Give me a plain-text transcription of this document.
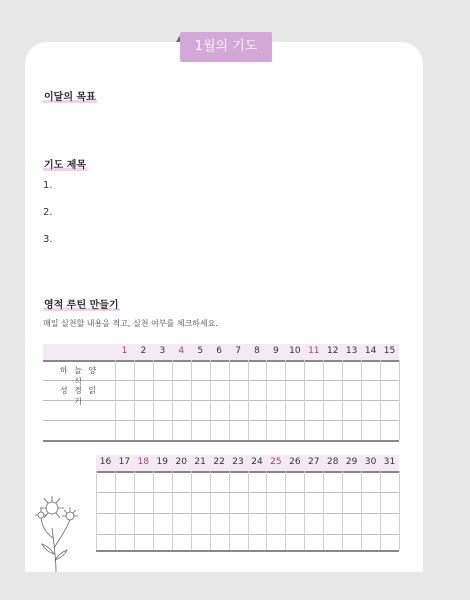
1월의 기도
이달의 목표
기도 제목
1.
2.
3.
영적 루틴 만들기
매일 실천할 내용을 적고, 실천 여부를 체크하세요.
1	2	3	4	5	6	7	8	9	10 11 12 13 14 15
하 늘 양 식
성 경 읽 기
16 17 18 19 20 21 22 23 24 25 26 27 28 29 30 31
